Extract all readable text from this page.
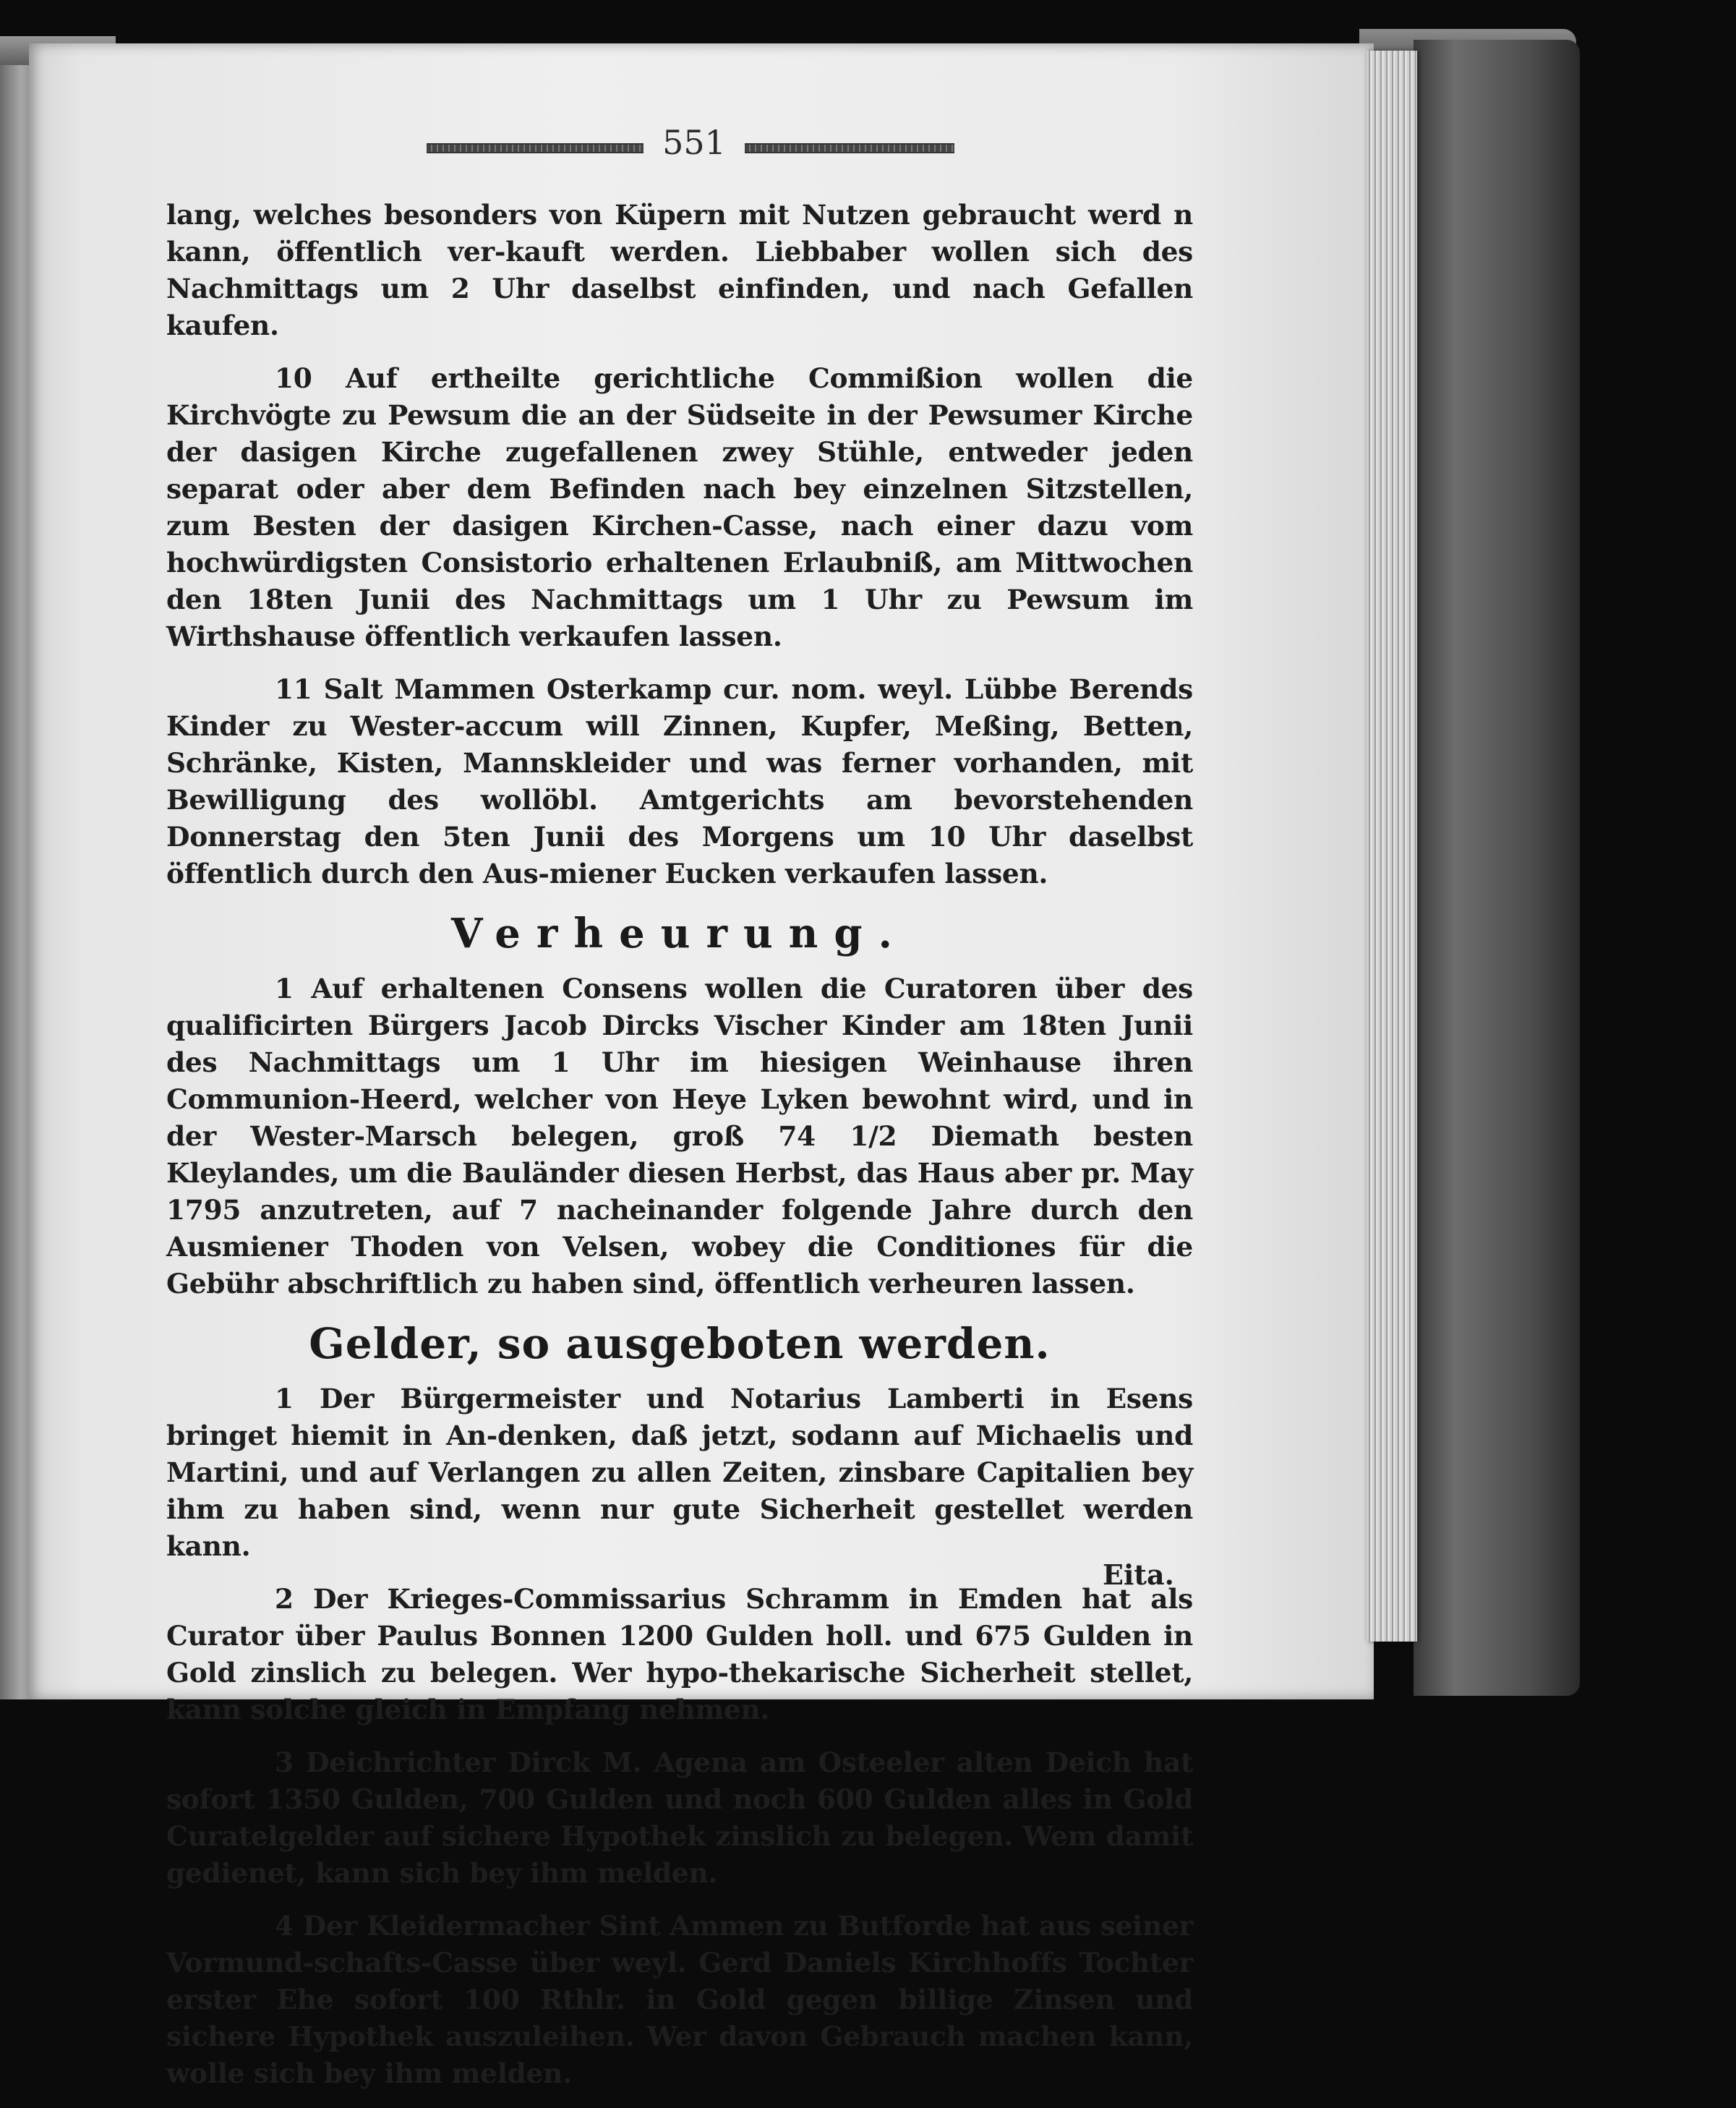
551

lang, welches besonders von Küpern mit Nutzen gebraucht werd n kann, öffentlich ver-kauft werden. Liebbaber wollen sich des Nachmittags um 2 Uhr daselbst einfinden, und nach Gefallen kaufen.

10 Auf ertheilte gerichtliche Commißion wollen die Kirchvögte zu Pewsum die an der Südseite in der Pewsumer Kirche der dasigen Kirche zugefallenen zwey Stühle, entweder jeden separat oder aber dem Befinden nach bey einzelnen Sitzstellen, zum Besten der dasigen Kirchen-Casse, nach einer dazu vom hochwürdigsten Consistorio erhaltenen Erlaubniß, am Mittwochen den 18ten Junii des Nachmittags um 1 Uhr zu Pewsum im Wirthshause öffentlich verkaufen lassen.

11 Salt Mammen Osterkamp cur. nom. weyl. Lübbe Berends Kinder zu Wester-accum will Zinnen, Kupfer, Meßing, Betten, Schränke, Kisten, Mannskleider und was ferner vorhanden, mit Bewilligung des wollöbl. Amtgerichts am bevorstehenden Donnerstag den 5ten Junii des Morgens um 10 Uhr daselbst öffentlich durch den Aus-miener Eucken verkaufen lassen.

Verheurung.

1 Auf erhaltenen Consens wollen die Curatoren über des qualificirten Bürgers Jacob Dircks Vischer Kinder am 18ten Junii des Nachmittags um 1 Uhr im hiesigen Weinhause ihren Communion-Heerd, welcher von Heye Lyken bewohnt wird, und in der Wester-Marsch belegen, groß 74 1/2 Diemath besten Kleylandes, um die Bauländer diesen Herbst, das Haus aber pr. May 1795 anzutreten, auf 7 nacheinander folgende Jahre durch den Ausmiener Thoden von Velsen, wobey die Conditiones für die Gebühr abschriftlich zu haben sind, öffentlich verheuren lassen.

Gelder, so ausgeboten werden.

1 Der Bürgermeister und Notarius Lamberti in Esens bringet hiemit in An-denken, daß jetzt, sodann auf Michaelis und Martini, und auf Verlangen zu allen Zeiten, zinsbare Capitalien bey ihm zu haben sind, wenn nur gute Sicherheit gestellet werden kann.

2 Der Krieges-Commissarius Schramm in Emden hat als Curator über Paulus Bonnen 1200 Gulden holl. und 675 Gulden in Gold zinslich zu belegen. Wer hypo-thekarische Sicherheit stellet, kann solche gleich in Empfang nehmen.

3 Deichrichter Dirck M. Agena am Osteeler alten Deich hat sofort 1350 Gulden, 700 Gulden und noch 600 Gulden alles in Gold Curatelgelder auf sichere Hypothek zinslich zu belegen. Wem damit gedienet, kann sich bey ihm melden.

4 Der Kleidermacher Sint Ammen zu Butforde hat aus seiner Vormund-schafts-Casse über weyl. Gerd Daniels Kirchhoffs Tochter erster Ehe sofort 100 Rthlr. in Gold gegen billige Zinsen und sichere Hypothek auszuleihen. Wer davon Gebrauch machen kann, wolle sich bey ihm melden.

Eita.
